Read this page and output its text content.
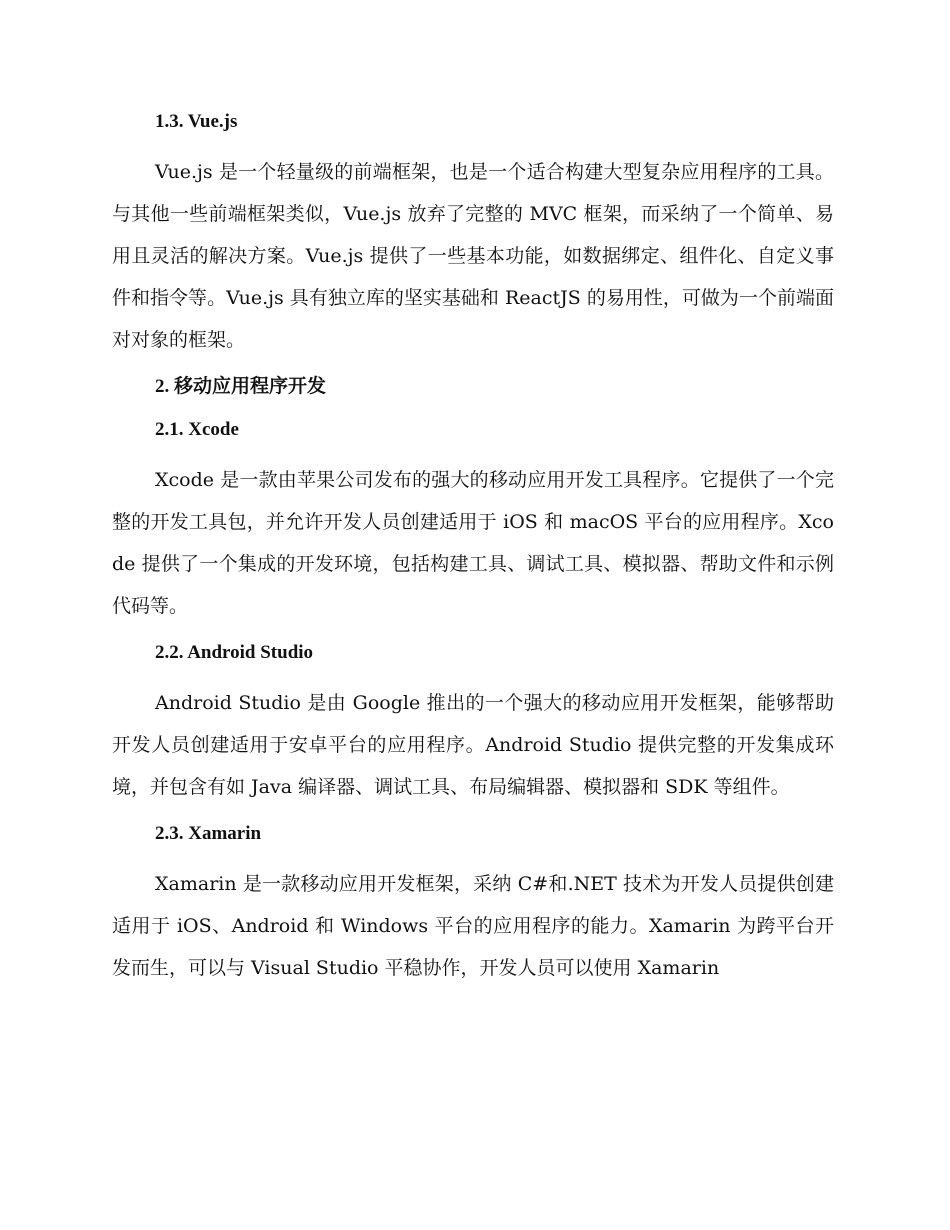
1.3. Vue.js

Vue.js 是一个轻量级的前端框架，也是一个适合构建大型复杂应用程序的工具。与其他一些前端框架类似，Vue.js 放弃了完整的 MVC 框架，而采纳了一个简单、易用且灵活的解决方案。Vue.js 提供了一些基本功能，如数据绑定、组件化、自定义事件和指令等。Vue.js 具有独立库的坚实基础和 ReactJS 的易用性，可做为一个前端面对对象的框架。

2. 移动应用程序开发
2.1. Xcode

Xcode 是一款由苹果公司发布的强大的移动应用开发工具程序。它提供了一个完整的开发工具包，并允许开发人员创建适用于 iOS 和 macOS 平台的应用程序。Xcode 提供了一个集成的开发环境，包括构建工具、调试工具、模拟器、帮助文件和示例代码等。

2.2. Android Studio

Android Studio 是由 Google 推出的一个强大的移动应用开发框架，能够帮助开发人员创建适用于安卓平台的应用程序。Android Studio 提供完整的开发集成环境，并包含有如 Java 编译器、调试工具、布局编辑器、模拟器和 SDK 等组件。

2.3. Xamarin

Xamarin 是一款移动应用开发框架，采纳 C#和.NET 技术为开发人员提供创建适用于 iOS、Android 和 Windows 平台的应用程序的能力。Xamarin 为跨平台开发而生，可以与 Visual Studio 平稳协作，开发人员可以使用 Xamarin
